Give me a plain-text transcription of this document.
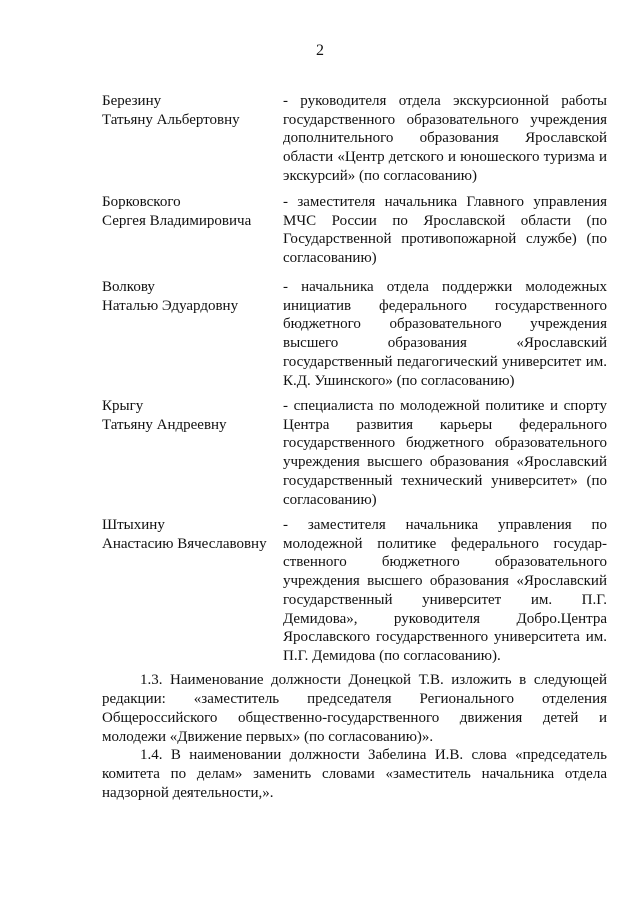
2
Березину
Татьяну Альбертовну
- руководителя отдела экскурсионной работы государственного образовательного учреждения дополнительного образования Ярославской области «Центр детского и юношеского туризма и экскурсий» (по согласованию)
Борковского
Сергея Владимировича
- заместителя начальника Главного управления МЧС России по Ярославской области (по Государственной противопожарной службе) (по согласованию)
Волкову
Наталью Эдуардовну
- начальника отдела поддержки молодежных инициатив федерального государственного бюджетного образовательного учреждения высшего образования «Ярославский государственный педагогический университет им. К.Д. Ушинского» (по согласованию)
Крыгу
Татьяну Андреевну
- специалиста по молодежной политике и спорту Центра развития карьеры федерального государственного бюджетного образовательного учреждения высшего образования «Ярославский государственный технический университет» (по согласованию)
Штыхину
Анастасию Вячеславовну
- заместителя начальника управления по молодежной политике федерального государственного бюджетного образовательного учреждения высшего образования «Ярославский государственный университет им. П.Г. Демидова», руководителя Добро.Центра Ярославского государственного университета им. П.Г. Демидова (по согласованию).
1.3. Наименование должности Донецкой Т.В. изложить в следующей редакции: «заместитель председателя Регионального отделения Общероссийского общественно-государственного движения детей и молодежи «Движение первых» (по согласованию)».
1.4. В наименовании должности Забелина И.В. слова «председатель комитета по делам» заменить словами «заместитель начальника отдела надзорной деятельности,».
